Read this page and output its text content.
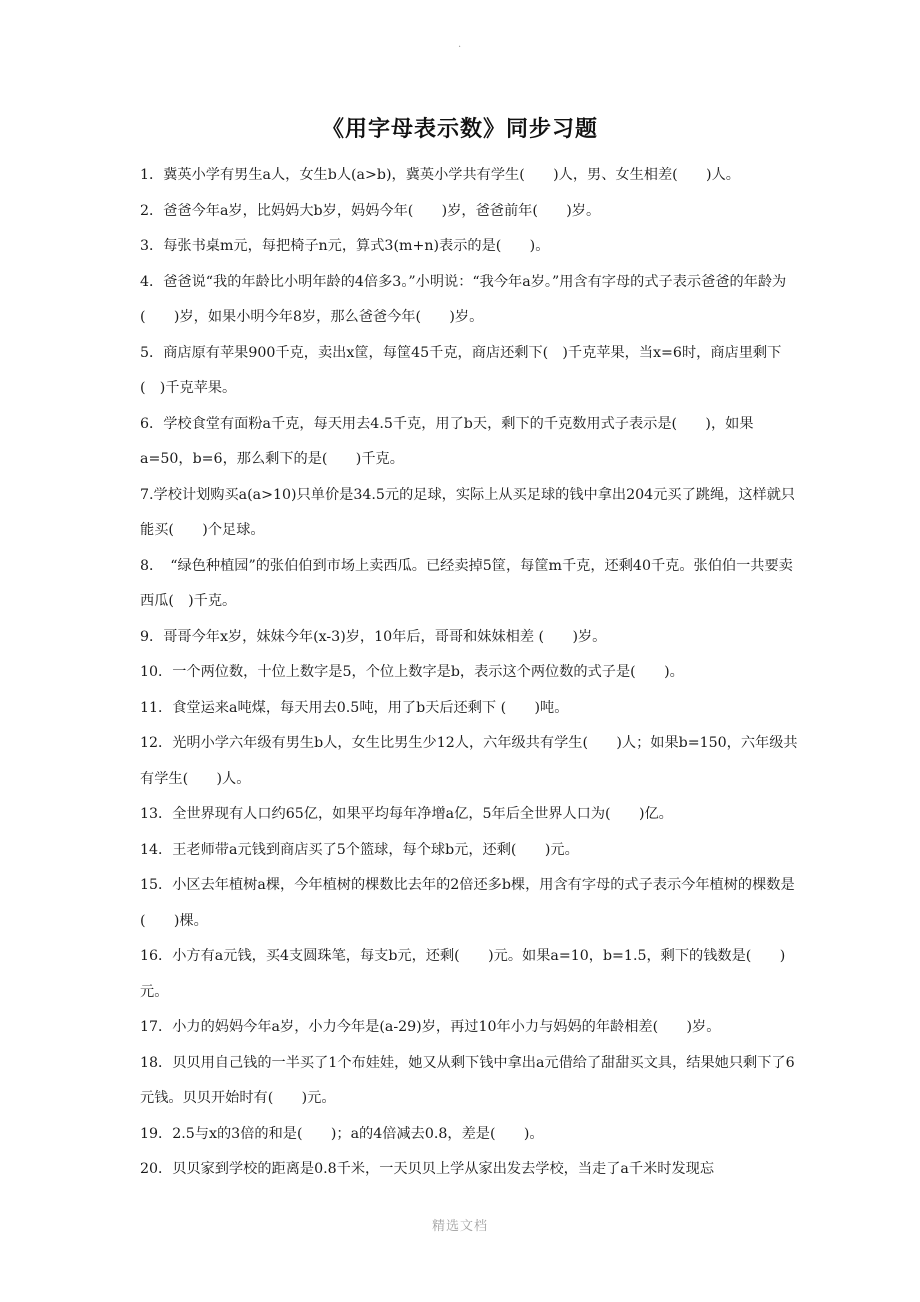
.
《用字母表示数》同步习题

1．冀英小学有男生a人，女生b人(a>b)，冀英小学共有学生(　　)人，男、女生相差(　　)人。

2．爸爸今年a岁，比妈妈大b岁，妈妈今年(　　)岁，爸爸前年(　　)岁。

3．每张书桌m元，每把椅子n元，算式3(m+n)表示的是(　　)。

4．爸爸说“我的年龄比小明年龄的4倍多3。”小明说：“我今年a岁。”用含有字母的式子表示爸爸的年龄为(　　)岁，如果小明今年8岁，那么爸爸今年(　　)岁。

5．商店原有苹果900千克，卖出x筐，每筐45千克，商店还剩下(　)千克苹果，当x=6时，商店里剩下(　)千克苹果。

6．学校食堂有面粉a千克，每天用去4.5千克，用了b天，剩下的千克数用式子表示是(　　)，如果a=50，b=6，那么剩下的是(　　)千克。

7.学校计划购买a(a>10)只单价是34.5元的足球，实际上从买足球的钱中拿出204元买了跳绳，这样就只能买(　　)个足球。

8．　“绿色种植园”的张伯伯到市场上卖西瓜。已经卖掉5筐，每筐m千克，还剩40千克。张伯伯一共要卖西瓜(　)千克。

9．哥哥今年x岁，妹妹今年(x-3)岁，10年后，哥哥和妹妹相差 (　　)岁。

10．一个两位数，十位上数字是5，个位上数字是b，表示这个两位数的式子是(　　)。

11．食堂运来a吨煤，每天用去0.5吨，用了b天后还剩下 (　　)吨。

12．光明小学六年级有男生b人，女生比男生少12人，六年级共有学生(　　)人；如果b=150，六年级共有学生(　　)人。

13．全世界现有人口约65亿，如果平均每年净增a亿，5年后全世界人口为(　　)亿。

14．王老师带a元钱到商店买了5个篮球，每个球b元，还剩(　　)元。

15．小区去年植树a棵，今年植树的棵数比去年的2倍还多b棵，用含有字母的式子表示今年植树的棵数是(　　)棵。

16．小方有a元钱，买4支圆珠笔，每支b元，还剩(　　)元。如果a=10，b=1.5，剩下的钱数是(　　)元。

17．小力的妈妈今年a岁，小力今年是(a-29)岁，再过10年小力与妈妈的年龄相差(　　)岁。

18．贝贝用自己钱的一半买了1个布娃娃，她又从剩下钱中拿出a元借给了甜甜买文具，结果她只剩下了6元钱。贝贝开始时有(　　)元。

19．2.5与x的3倍的和是(　　)；a的4倍减去0.8，差是(　　)。

20．贝贝家到学校的距离是0.8千米，一天贝贝上学从家出发去学校，当走了a千米时发现忘

精选文档
